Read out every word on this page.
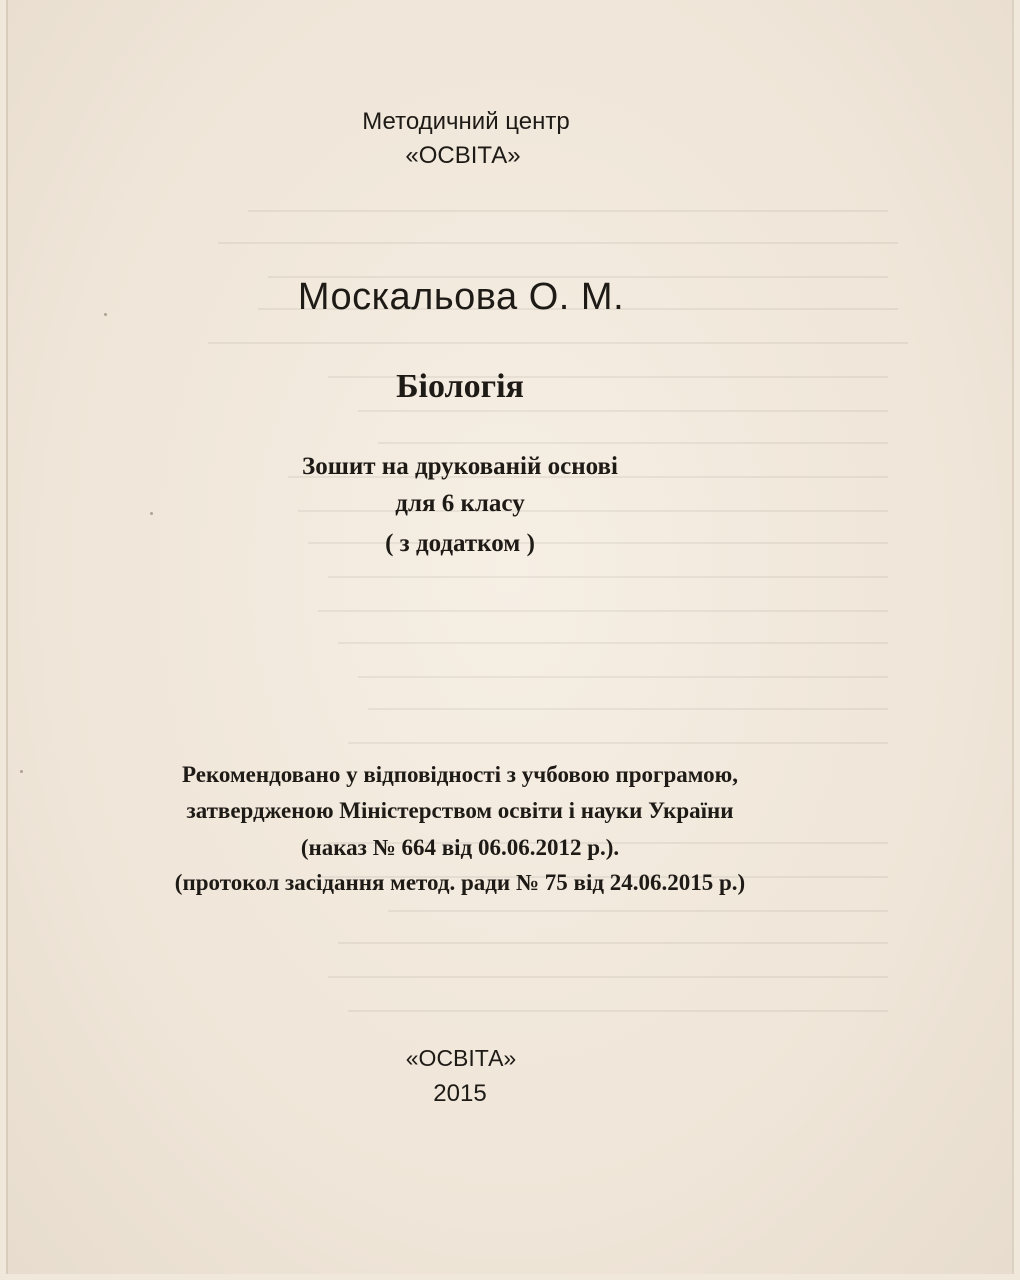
Методичний центр
«ОСВІТА»
Москальова О. М.
Біологія
Зошит на друкованій основі
для 6 класу
( з додатком )
Рекомендовано у відповідності з учбовою програмою,
затвердженою Міністерством освіти і науки України
(наказ № 664 від 06.06.2012 р.).
(протокол засідання метод. ради № 75 від 24.06.2015 р.)
«ОСВІТА»
2015
